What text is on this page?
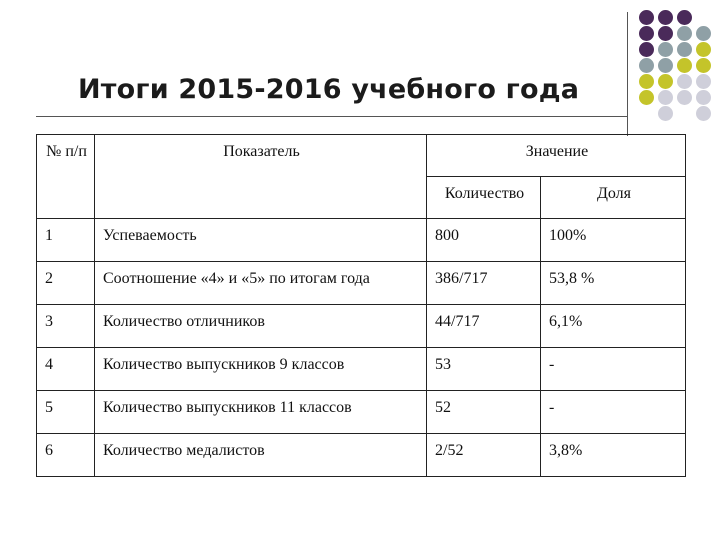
Итоги 2015-2016 учебного года
№ п/п	Показатель	Значение	
		Количество	Доля
1	Успеваемость	800	100%
2	Соотношение «4» и «5» по итогам года	386/717	53,8 %
3	Количество отличников	44/717	6,1%
4	Количество выпускников 9 классов	53	-
5	Количество выпускников 11 классов	52	-
6	Количество медалистов	2/52	3,8%
